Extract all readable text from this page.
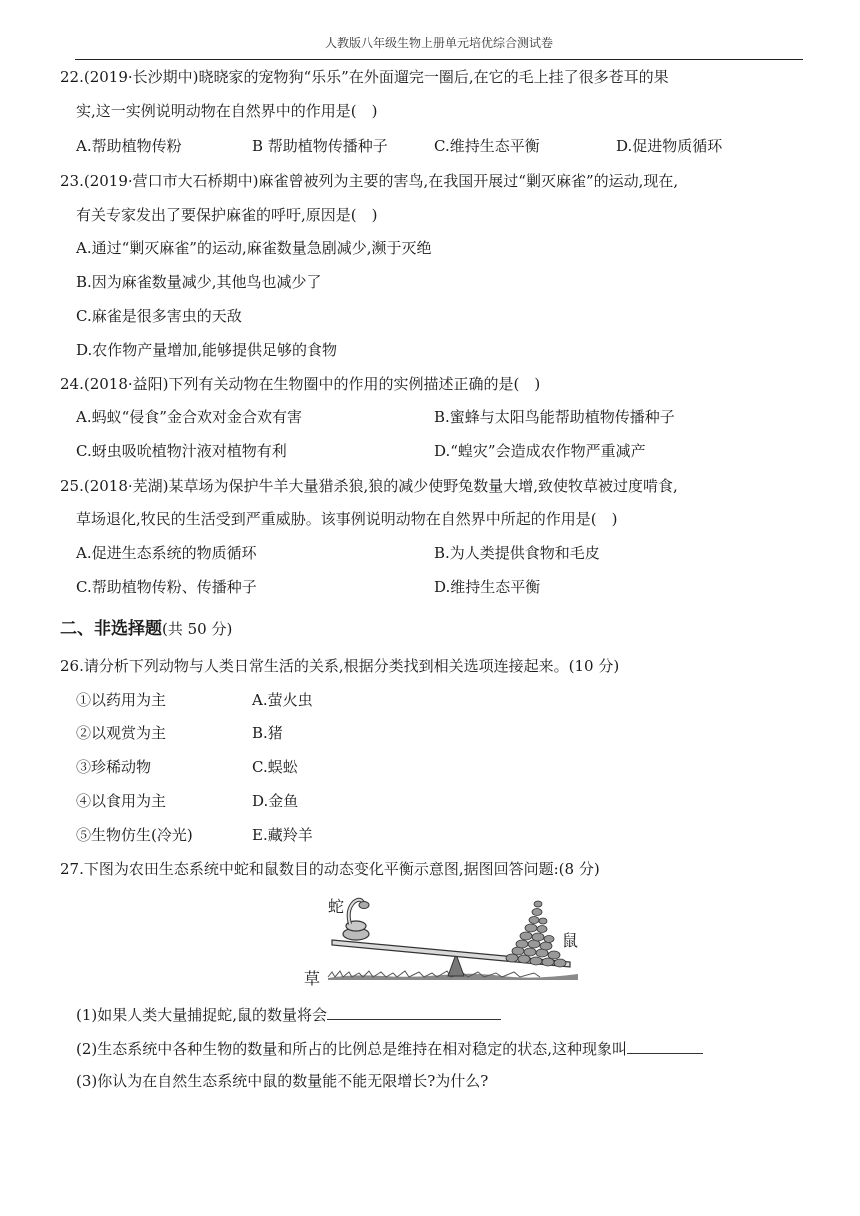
人教版八年级生物上册单元培优综合测试卷
22.(2019·长沙期中)晓晓家的宠物狗“乐乐”在外面遛完一圈后,在它的毛上挂了很多苍耳的果
实,这一实例说明动物在自然界中的作用是(　)
A.帮助植物传粉	B 帮助植物传播种子	C.维持生态平衡	D.促进物质循环
23.(2019·营口市大石桥期中)麻雀曾被列为主要的害鸟,在我国开展过“剿灭麻雀”的运动,现在,
有关专家发出了要保护麻雀的呼吁,原因是(　)
A.通过“剿灭麻雀”的运动,麻雀数量急剧减少,濒于灭绝
B.因为麻雀数量减少,其他鸟也减少了
C.麻雀是很多害虫的天敌
D.农作物产量增加,能够提供足够的食物
24.(2018·益阳)下列有关动物在生物圈中的作用的实例描述正确的是(　)
A.蚂蚁“侵食”金合欢对金合欢有害	B.蜜蜂与太阳鸟能帮助植物传播种子
C.蚜虫吸吮植物汁液对植物有利	D.“蝗灾”会造成农作物严重减产
25.(2018·芜湖)某草场为保护牛羊大量猎杀狼,狼的减少使野兔数量大增,致使牧草被过度啃食,
草场退化,牧民的生活受到严重威胁。该事例说明动物在自然界中所起的作用是(　)
A.促进生态系统的物质循环	B.为人类提供食物和毛皮
C.帮助植物传粉、传播种子	D.维持生态平衡
二、非选择题(共 50 分)
26.请分析下列动物与人类日常生活的关系,根据分类找到相关选项连接起来。(10 分)
①以药用为主	A.萤火虫
②以观赏为主	B.猪
③珍稀动物	C.蜈蚣
④以食用为主	D.金鱼
⑤生物仿生(冷光)	E.藏羚羊
27.下图为农田生态系统中蛇和鼠数目的动态变化平衡示意图,据图回答问题:(8 分)
蛇
鼠
草
(1)如果人类大量捕捉蛇,鼠的数量将会
(2)生态系统中各种生物的数量和所占的比例总是维持在相对稳定的状态,这种现象叫
(3)你认为在自然生态系统中鼠的数量能不能无限增长?为什么?
